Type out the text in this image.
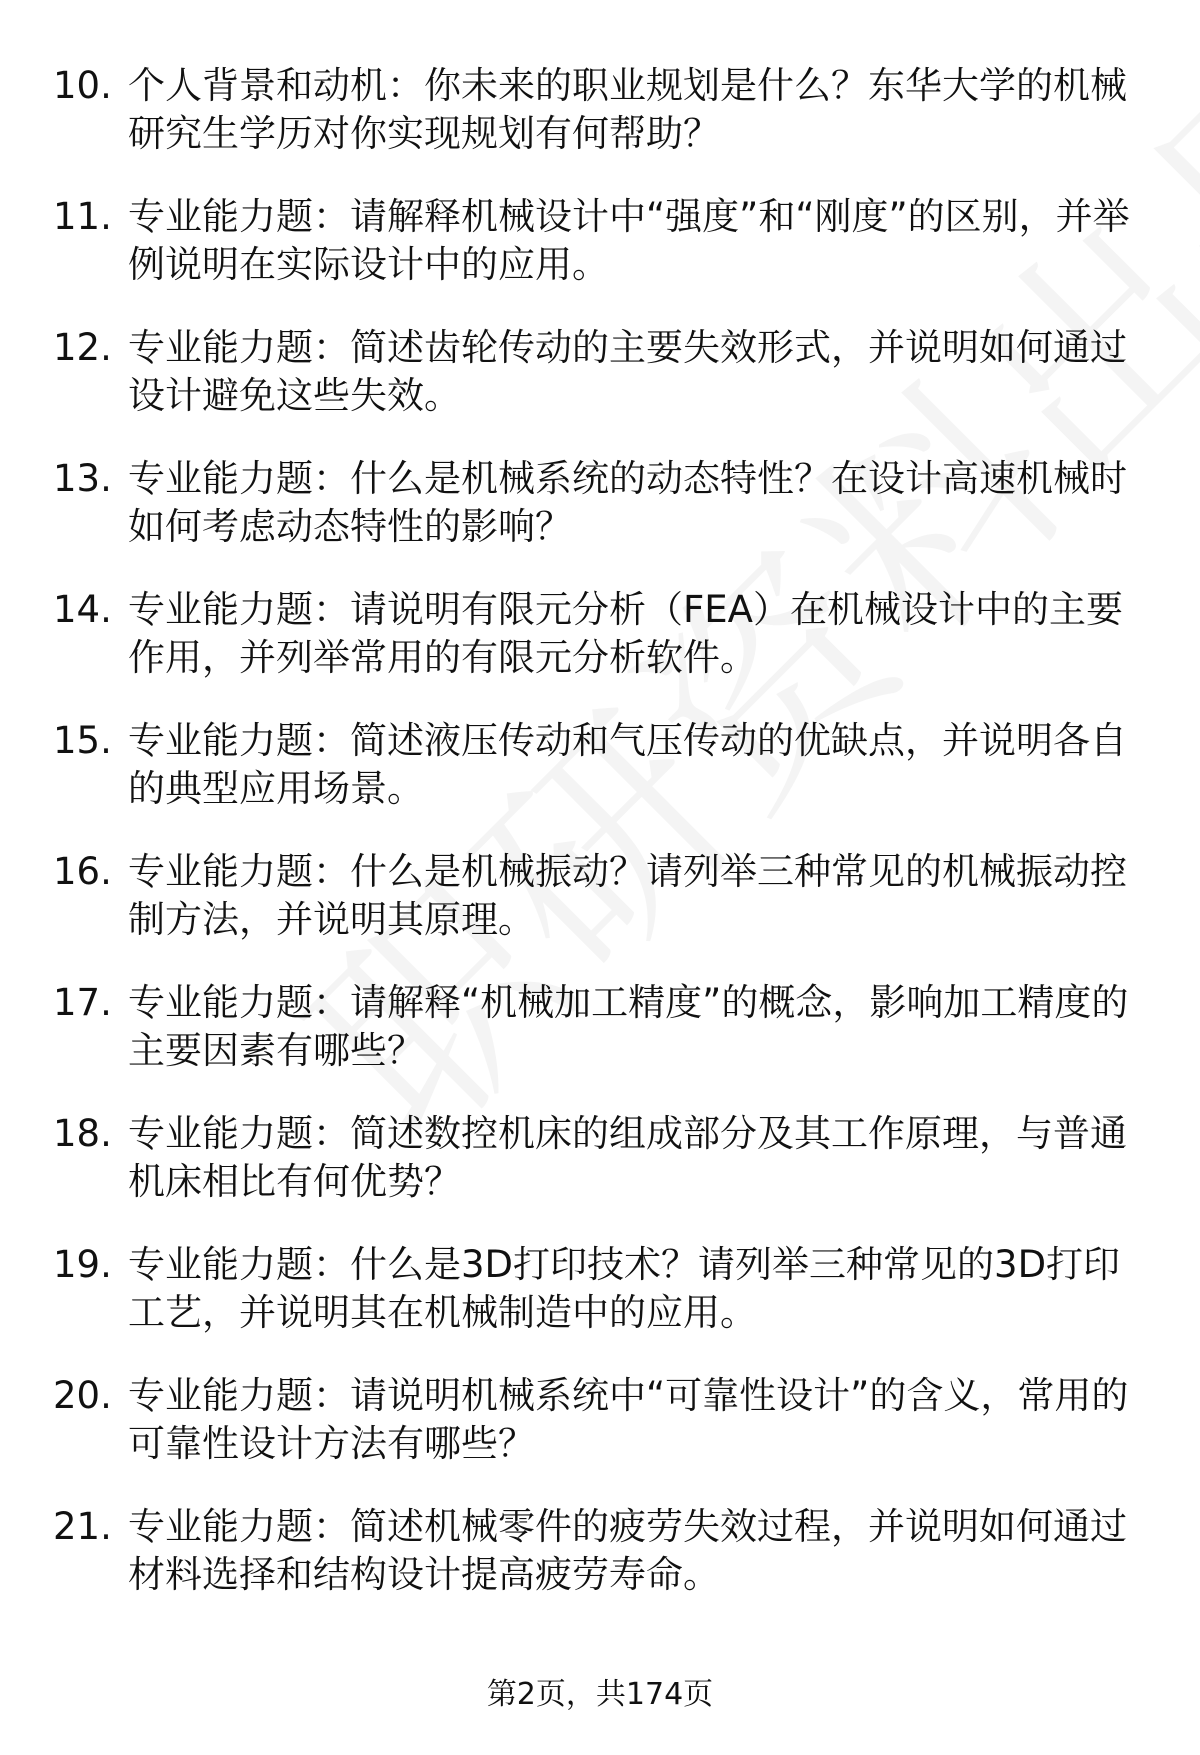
10. 个人背景和动机：你未来的职业规划是什么？东华大学的机械研究生学历对你实现规划有何帮助？
11. 专业能力题：请解释机械设计中“强度”和“刚度”的区别，并举例说明在实际设计中的应用。
12. 专业能力题：简述齿轮传动的主要失效形式，并说明如何通过设计避免这些失效。
13. 专业能力题：什么是机械系统的动态特性？在设计高速机械时如何考虑动态特性的影响？
14. 专业能力题：请说明有限元分析（FEA）在机械设计中的主要作用，并列举常用的有限元分析软件。
15. 专业能力题：简述液压传动和气压传动的优缺点，并说明各自的典型应用场景。
16. 专业能力题：什么是机械振动？请列举三种常见的机械振动控制方法，并说明其原理。
17. 专业能力题：请解释“机械加工精度”的概念，影响加工精度的主要因素有哪些？
18. 专业能力题：简述数控机床的组成部分及其工作原理，与普通机床相比有何优势？
19. 专业能力题：什么是3D打印技术？请列举三种常见的3D打印工艺，并说明其在机械制造中的应用。
20. 专业能力题：请说明机械系统中“可靠性设计”的含义，常用的可靠性设计方法有哪些？
21. 专业能力题：简述机械零件的疲劳失效过程，并说明如何通过材料选择和结构设计提高疲劳寿命。
第2页，共174页
